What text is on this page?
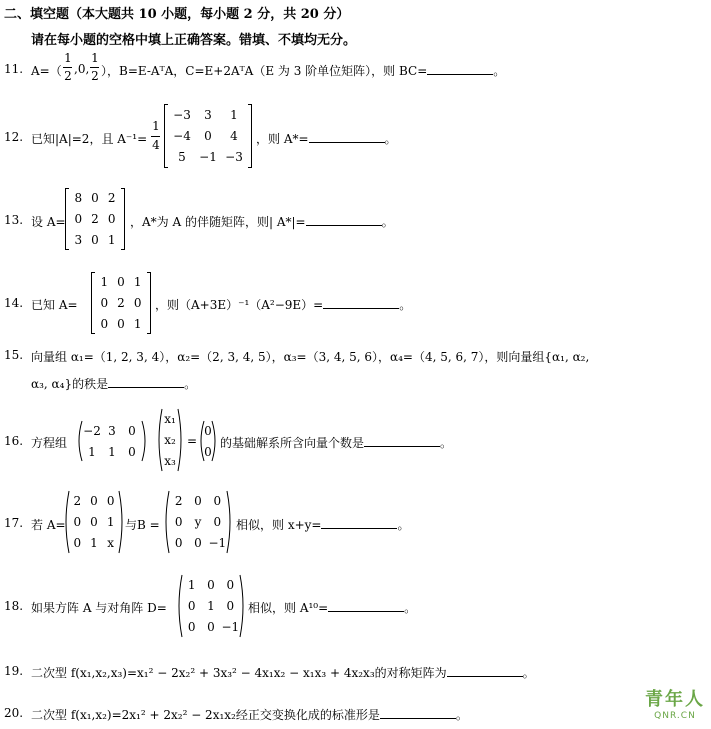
二、填空题（本大题共 10 小题，每小题 2 分，共 20 分）
请在每小题的空格中填上正确答案。错填、不填均无分。
11. A=（
1
2 ,0,
1
2 ），B=E-AᵀA，C=E+2AᵀA（E 为 3 阶单位矩阵），则 BC=	。
12. 已知|A|=2，且 A⁻¹=
1
4
−3	3	1
−4	0	4
5	−1 −3
，则 A*=	。
13. 设 A=
8 0 2
0 2 0
3 0 1
，A*为 A 的伴随矩阵，则| A*|=	。
14. 已知 A=
1 0 1
0 2 0
0 0 1
，则（A+3E）⁻¹（A²−9E）=	。
15. 向量组 α₁=（1, 2, 3, 4），α₂=（2, 3, 4, 5），α₃=（3, 4, 5, 6），α₄=（4, 5, 6, 7），则向量组{α₁, α₂,
α₃, α₄}的秩是	。
16. 方程组
−2 3	0
1	1	0
x₁
x₂
x₃
=
0
0
的基础解系所含向量个数是	。
17. 若 A=
2 0 0
0 0 1
0 1 x
与B =
2 0 0
0	y	0
0 0 −1
相似，则 x+y=	。
18. 如果方阵 A 与对角阵 D=
1 0 0
0 1 0
0 0 −1
相似，则 A¹⁰=	。
19. 二次型 f(x₁,x₂,x₃)=x₁² − 2x₂² + 3x₃² − 4x₁x₂ − x₁x₃ + 4x₂x₃的对称矩阵为	。
20. 二次型 f(x₁,x₂)=2x₁² + 2x₂² − 2x₁x₂经正交变换化成的标准形是	。
青年人
QNR.CN
